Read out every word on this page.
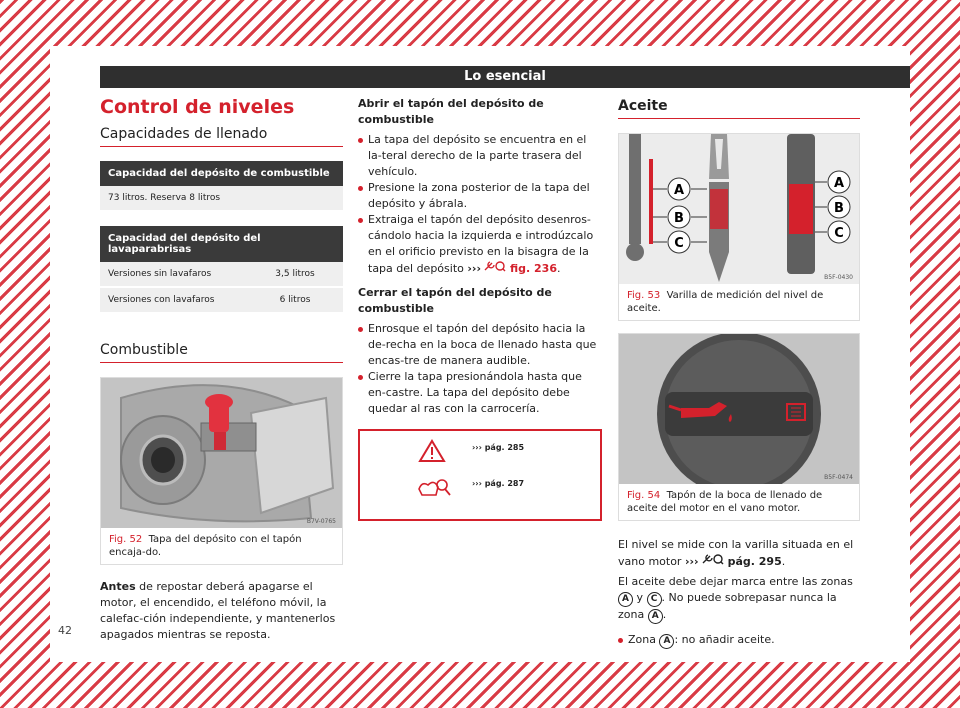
Lo esencial
Control de niveles
Capacidades de llenado
Capacidad del depósito de combustible
73 litros. Reserva 8 litros
Capacidad del depósito del lavaparabrisas
Versiones sin lavafaros	3,5 litros
Versiones con lavafaros	6 litros
Combustible
B7V-0765
Fig. 52 Tapa del depósito con el tapón encaja-do.

Antes de repostar deberá apagarse el motor, el encendido, el teléfono móvil, la calefac-ción independiente, y mantenerlos apagados mientras se reposta.

Abrir el tapón del depósito de combustible

La tapa del depósito se encuentra en el la-teral derecho de la parte trasera del vehículo.

Presione la zona posterior de la tapa del depósito y ábrala.

Extraiga el tapón del depósito desenros-cándolo hacia la izquierda e introdúzcalo en el orificio previsto en la bisagra de la tapa del depósito ›››	fig. 236.

Cerrar el tapón del depósito de combustible

Enrosque el tapón del depósito hacia la de-recha en la boca de llenado hasta que encas-tre de manera audible.

Cierre la tapa presionándola hasta que en-castre. La tapa del depósito debe quedar al ras con la carrocería.

››› pág. 285
››› pág. 287
Aceite
A
B
C
A
B
C
B5F-0430
Fig. 53 Varilla de medición del nivel de aceite.
B5F-0474
Fig. 54 Tapón de la boca de llenado de aceite del motor en el vano motor.

El nivel se mide con la varilla situada en el vano motor ›››	pág. 295.

El aceite debe dejar marca entre las zonas A y C . No puede sobrepasar nunca la zona A .

Zona A : no añadir aceite.

42
